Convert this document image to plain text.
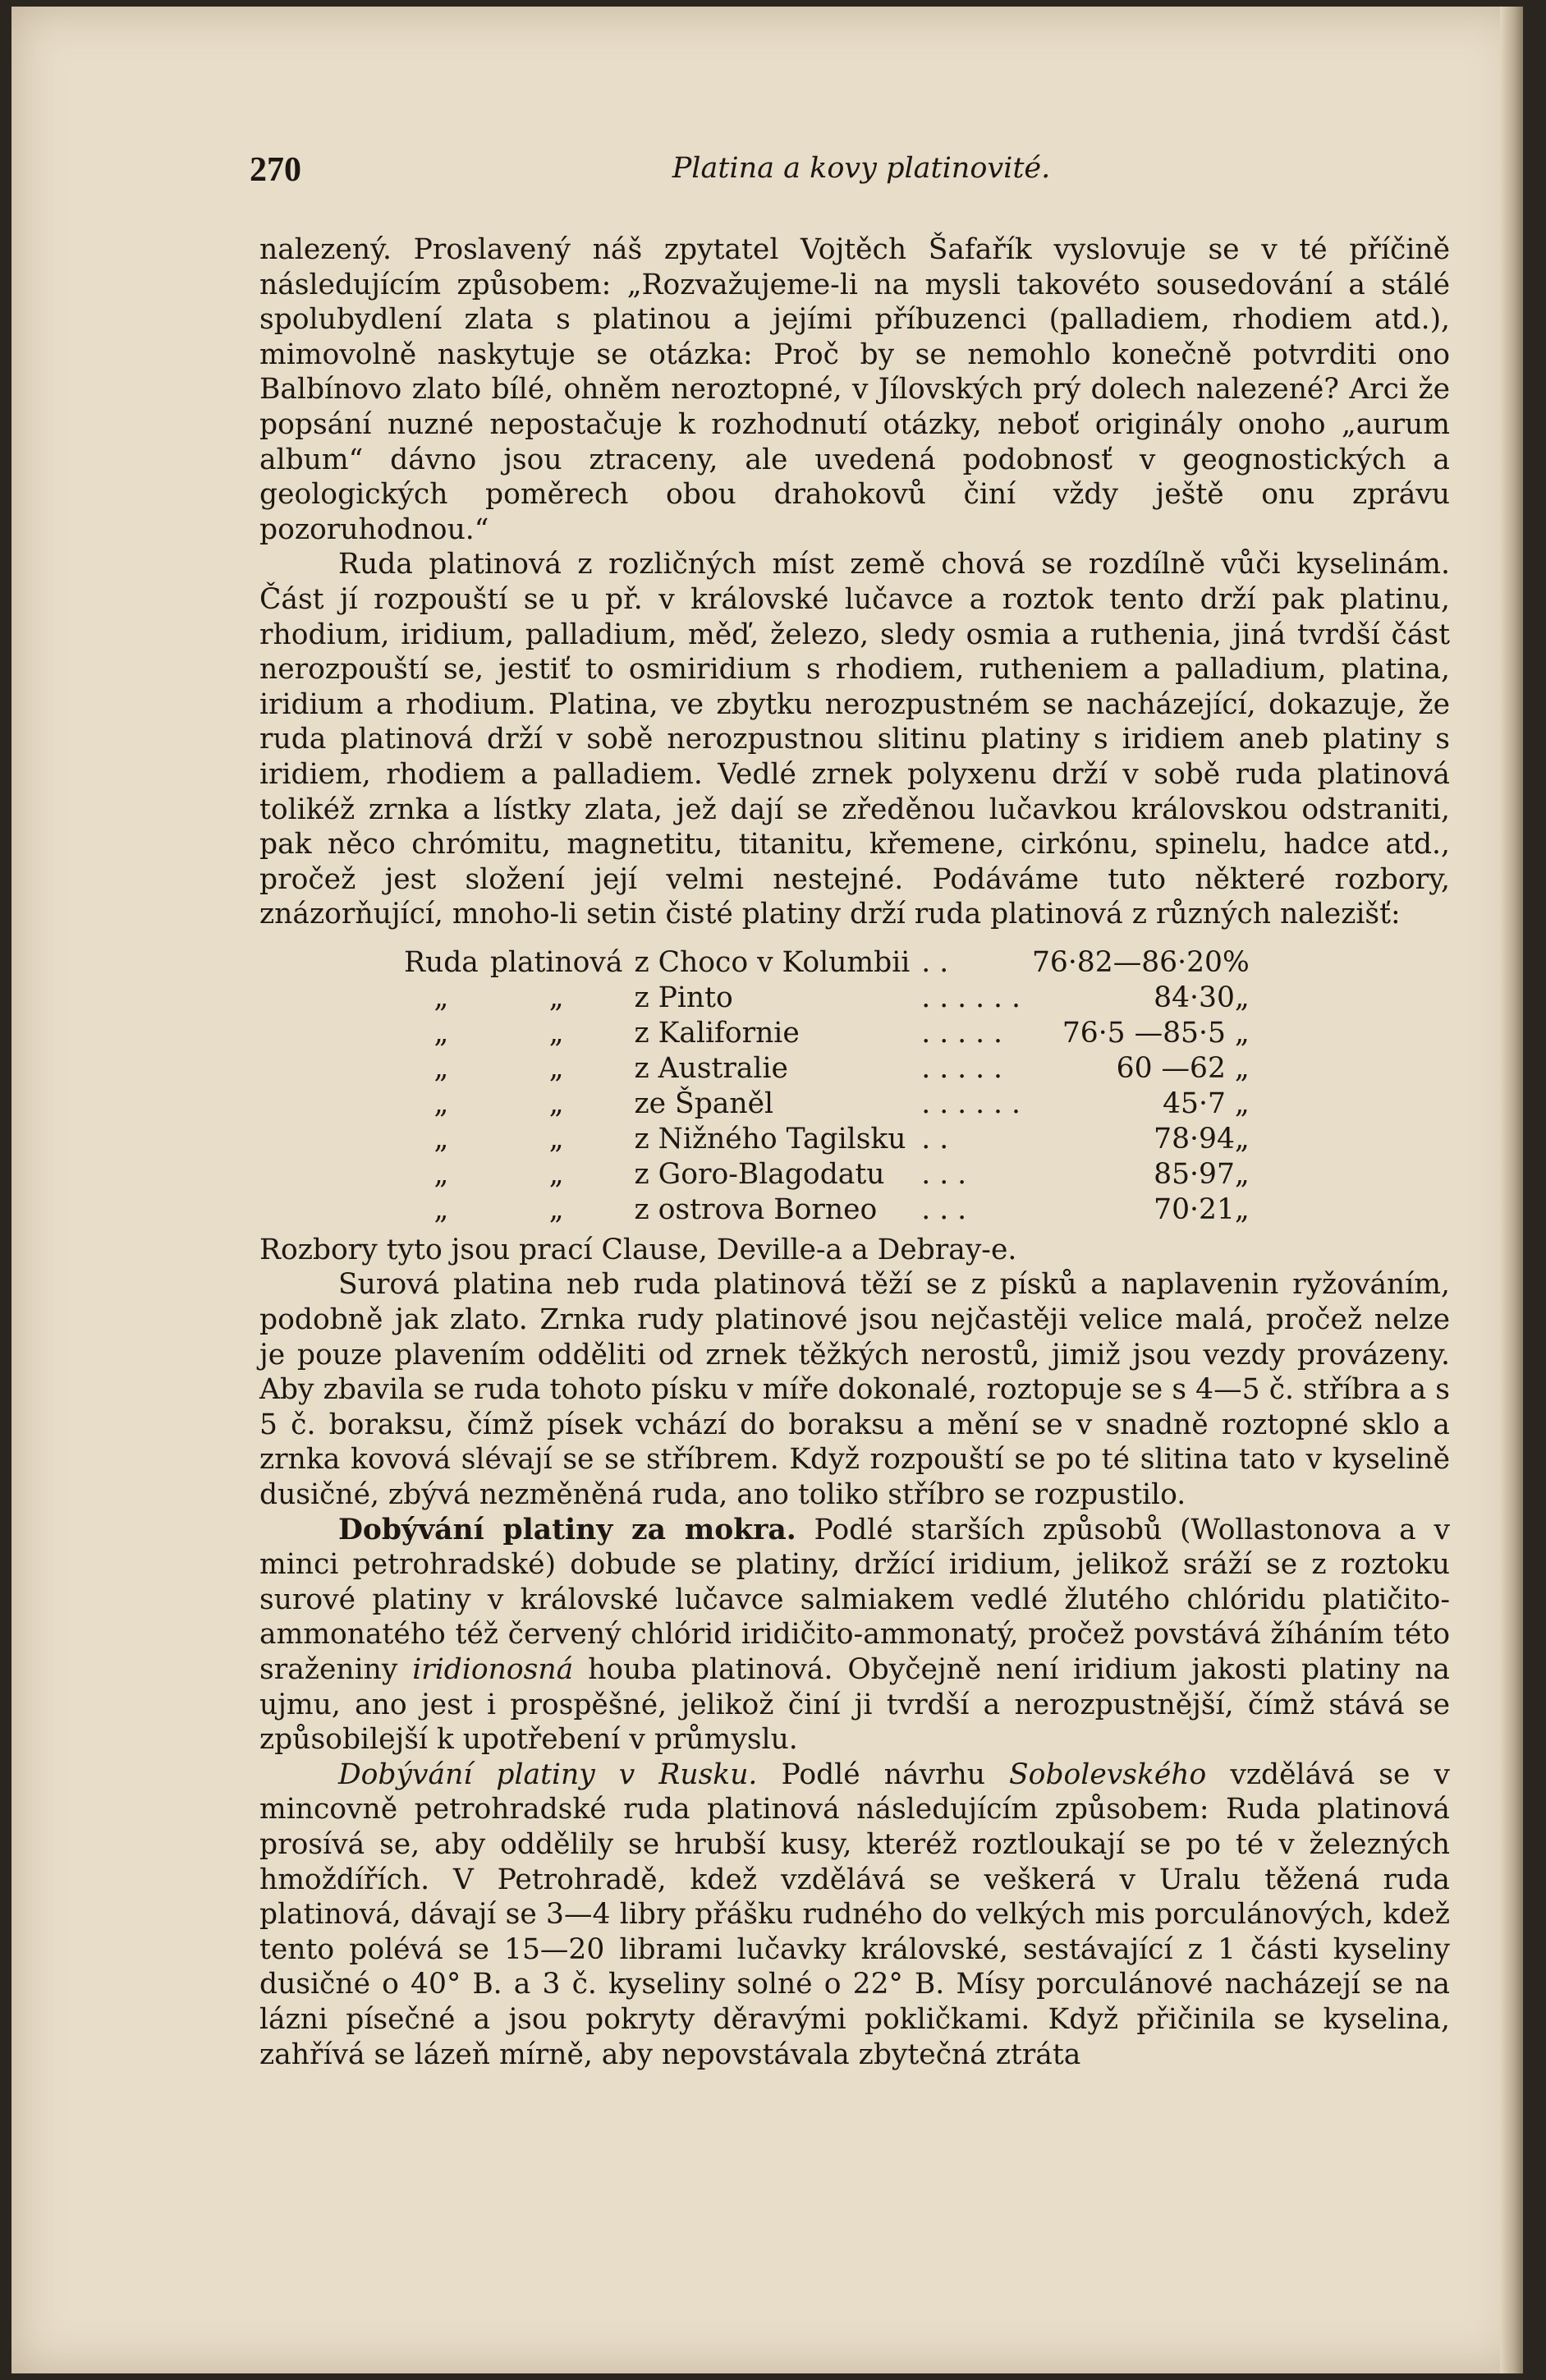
270	Platina a kovy platinovité.

nalezený. Proslavený náš zpytatel Vojtěch Šafařík vyslovuje se v té příčině následujícím způsobem: „Rozvažujeme-li na mysli takovéto sousedování a stálé spolubydlení zlata s platinou a jejími příbuzenci (palladiem, rhodiem atd.), mimovolně naskytuje se otázka: Proč by se nemohlo konečně potvrditi ono Balbínovo zlato bílé, ohněm neroztopné, v Jílovských prý dolech nalezené? Arci že popsání nuzné nepostačuje k rozhodnutí otázky, neboť originály onoho „aurum album“ dávno jsou ztraceny, ale uvedená podobnosť v geognostických a geologických poměrech obou drahokovů činí vždy ještě onu zprávu pozoruhodnou.“

Ruda platinová z rozličných míst země chová se rozdílně vůči kyselinám. Část jí rozpouští se u př. v královské lučavce a roztok tento drží pak platinu, rhodium, iridium, palladium, měď, železo, sledy osmia a ruthenia, jiná tvrdší část nerozpouští se, jestiť to osmiridium s rhodiem, rutheniem a palladium, platina, iridium a rhodium. Platina, ve zbytku nerozpustném se nacházející, dokazuje, že ruda platinová drží v sobě nerozpustnou slitinu platiny s iridiem aneb platiny s iridiem, rhodiem a palladiem. Vedlé zrnek polyxenu drží v sobě ruda platinová tolikéž zrnka a lístky zlata, jež dají se zředěnou lučavkou královskou odstraniti, pak něco chrómitu, magnetitu, titanitu, křemene, cirkónu, spinelu, hadce atd., pročež jest složení její velmi nestejné. Podáváme tuto některé rozbory, znázorňující, mnoho-li setin čisté platiny drží ruda platinová z různých nalezišť:

Ruda	platinová	z Choco v Kolumbii	. .	76·82—86·20%
„	„	z Pinto	. . . . . .	84·30„
„	„	z Kalifornie	. . . . .	76·5 —85·5 „
„	„	z Australie	. . . . .	60 —62 „
„	„	ze Španěl	. . . . . .	45·7 „
„	„	z Nižného Tagilsku	. .	78·94„
„	„	z Goro-Blagodatu	. . .	85·97„
„	„	z ostrova Borneo	. . .	70·21„

Rozbory tyto jsou prací Clause, Deville-a a Debray-e.

Surová platina neb ruda platinová těží se z písků a naplavenin ryžováním, podobně jak zlato. Zrnka rudy platinové jsou nejčastěji velice malá, pročež nelze je pouze plavením odděliti od zrnek těžkých nerostů, jimiž jsou vezdy provázeny. Aby zbavila se ruda tohoto písku v míře dokonalé, roztopuje se s 4—5 č. stříbra a s 5 č. boraksu, čímž písek vchází do boraksu a mění se v snadně roztopné sklo a zrnka kovová slévají se se stříbrem. Když rozpouští se po té slitina tato v kyselině dusičné, zbývá nezměněná ruda, ano toliko stříbro se rozpustilo.

Dobývání platiny za mokra. Podlé starších způsobů (Wollastonova a v minci petrohradské) dobude se platiny, držící iridium, jelikož sráží se z roztoku surové platiny v královské lučavce salmiakem vedlé žlutého chlóridu platičito-ammonatého též červený chlórid iridičito-ammonatý, pročež povstává žíháním této sraženiny iridionosná houba platinová. Obyčejně není iridium jakosti platiny na ujmu, ano jest i prospěšné, jelikož činí ji tvrdší a nerozpustnější, čímž stává se způsobilejší k upotřebení v průmyslu.

Dobývání platiny v Rusku. Podlé návrhu Sobolevského vzdělává se v mincovně petrohradské ruda platinová následujícím způsobem: Ruda platinová prosívá se, aby oddělily se hrubší kusy, kteréž roztloukají se po té v železných hmoždířích. V Petrohradě, kdež vzdělává se veškerá v Uralu těžená ruda platinová, dávají se 3—4 libry přášku rudného do velkých mis porculánových, kdež tento polévá se 15—20 librami lučavky královské, sestávající z 1 části kyseliny dusičné o 40° B. a 3 č. kyseliny solné o 22° B. Mísy porculánové nacházejí se na lázni písečné a jsou pokryty děravými pokličkami. Když přičinila se kyselina, zahřívá se lázeň mírně, aby nepovstávala zbytečná ztráta
